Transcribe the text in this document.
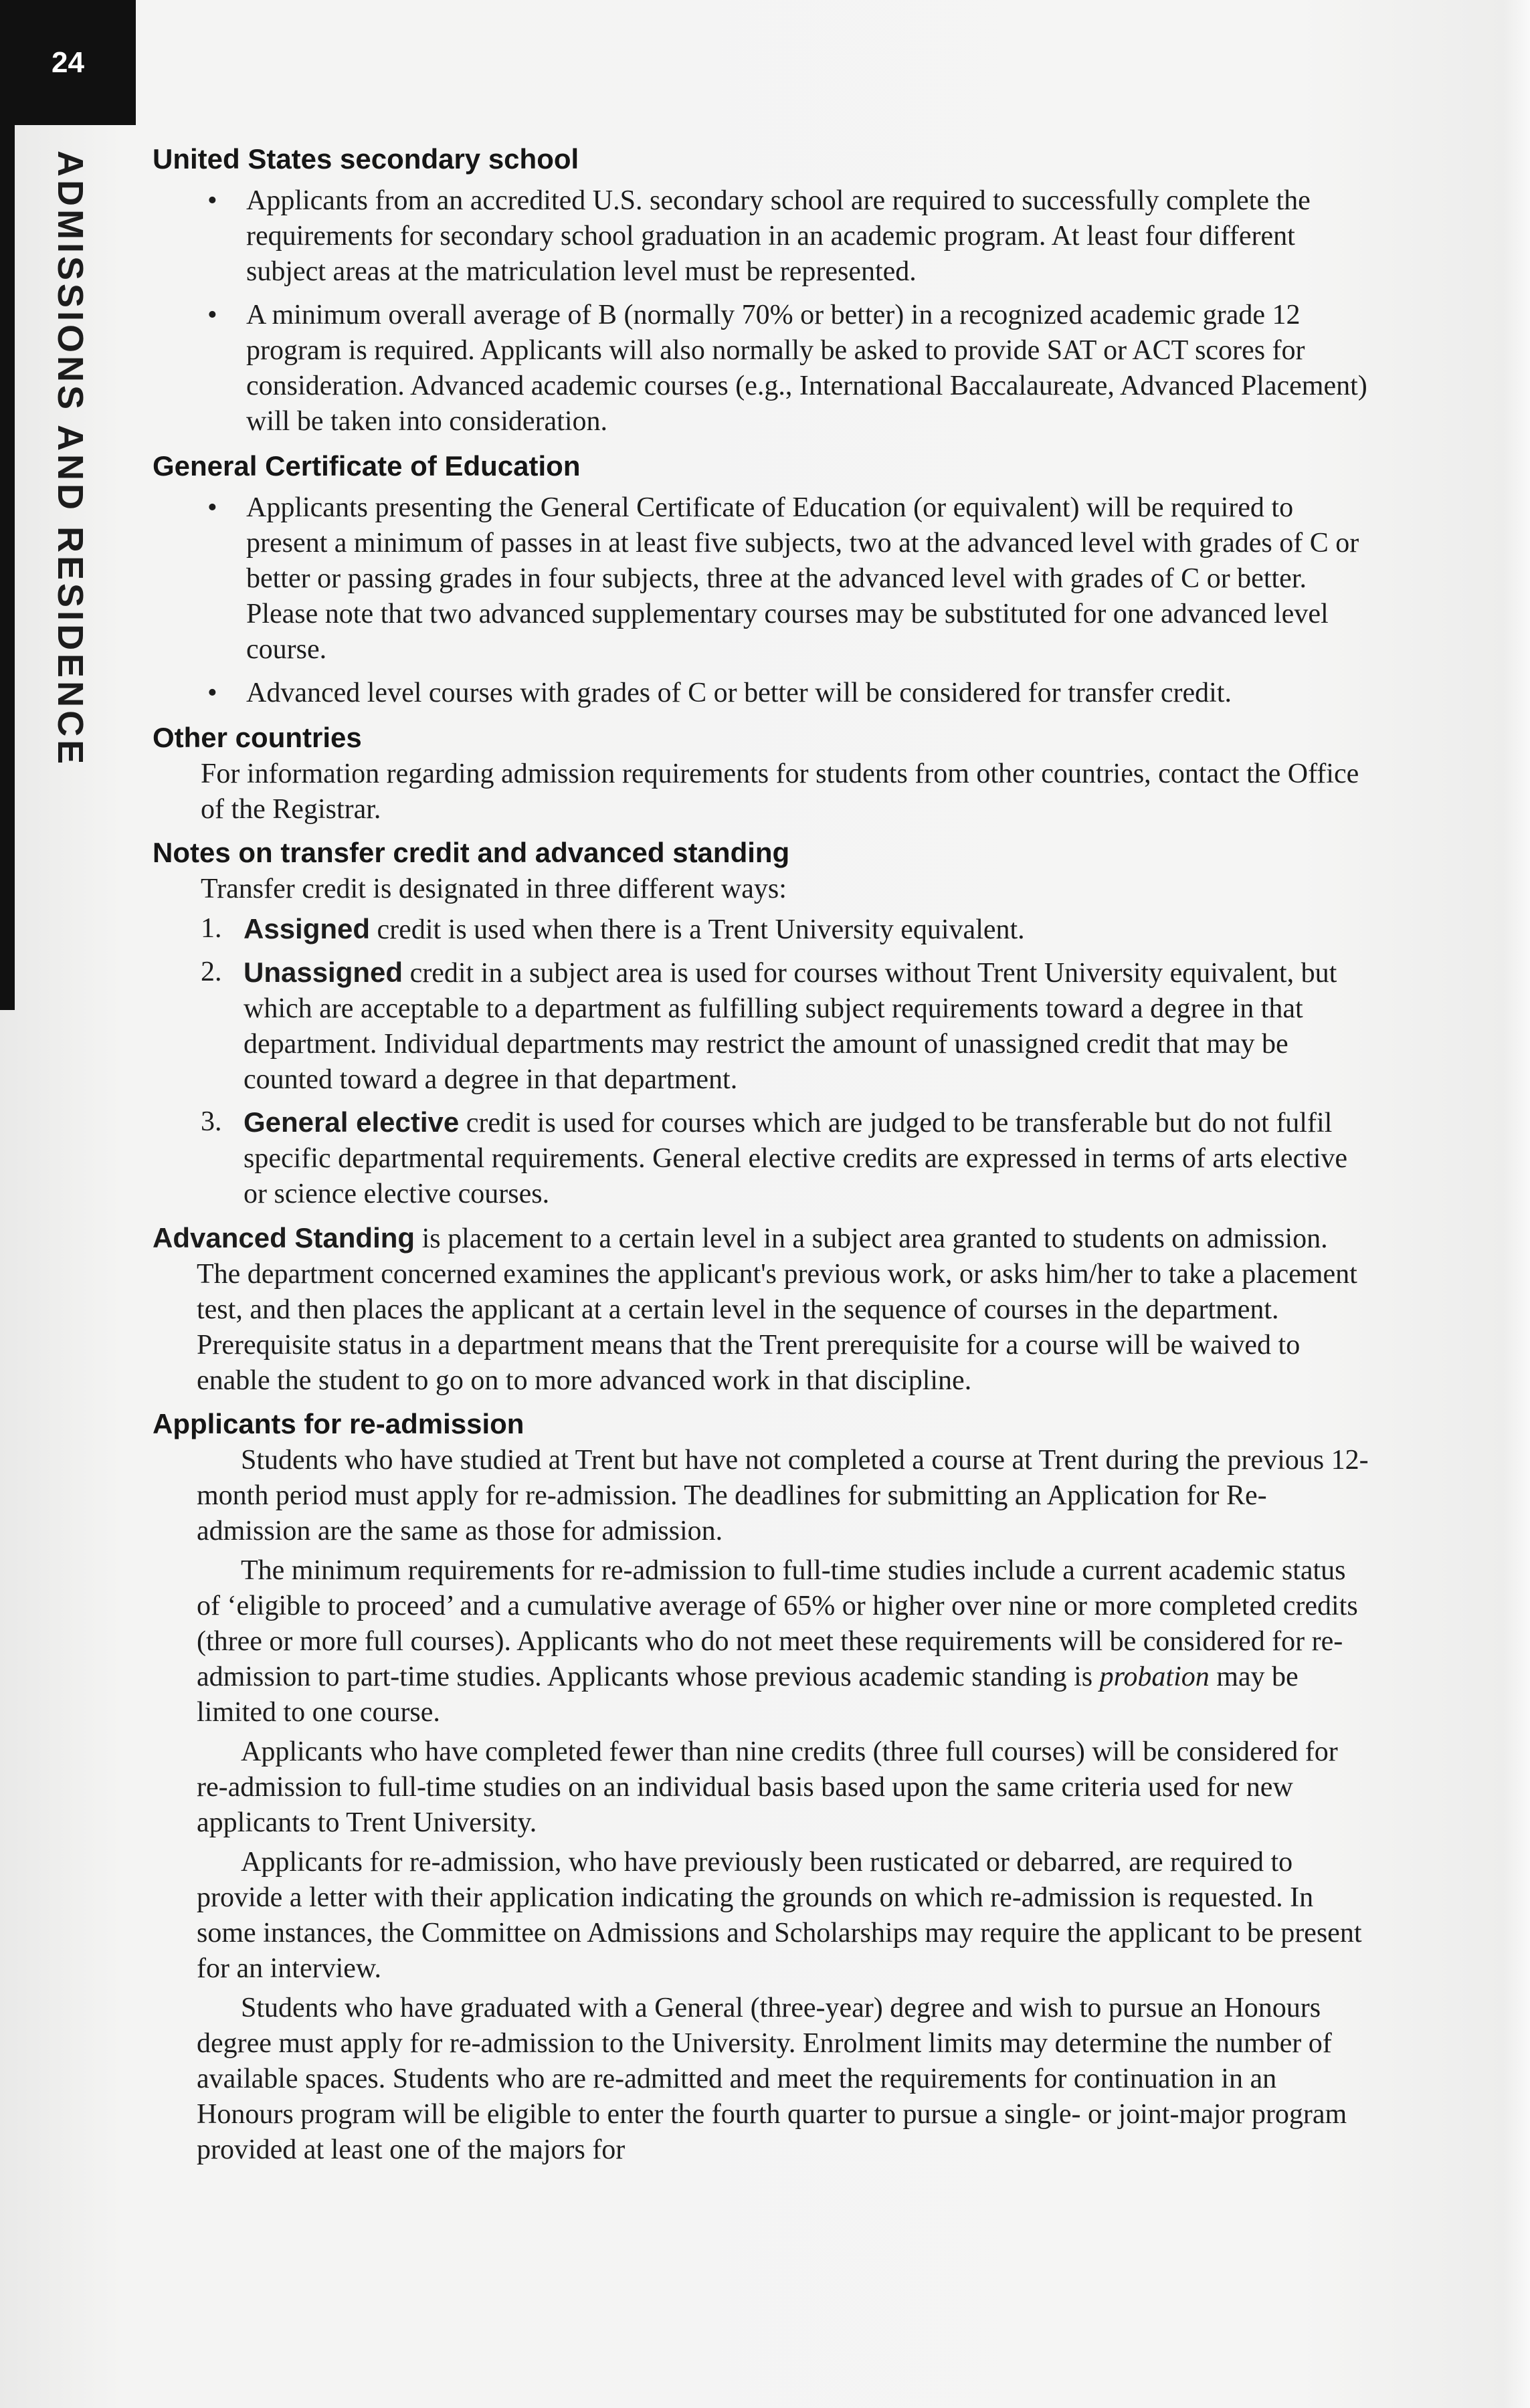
24
ADMISSIONS AND RESIDENCE	United States secondary school
• Applicants from an accredited U.S. secondary school are required to successfully complete the requirements for secondary school graduation in an academic program. At least four different subject areas at the matriculation level must be represented.
• A minimum overall average of B (normally 70% or better) in a recognized academic grade 12 program is required. Applicants will also normally be asked to provide SAT or ACT scores for consideration. Advanced academic courses (e.g., International Baccalaureate, Advanced Placement) will be taken into consideration.
General Certificate of Education
• Applicants presenting the General Certificate of Education (or equivalent) will be required to present a minimum of passes in at least five subjects, two at the advanced level with grades of C or better or passing grades in four subjects, three at the advanced level with grades of C or better. Please note that two advanced supplementary courses may be substituted for one advanced level course.
• Advanced level courses with grades of C or better will be considered for transfer credit.
Other countries

For information regarding admission requirements for students from other countries, contact the Office of the Registrar.

Notes on transfer credit and advanced standing

Transfer credit is designated in three different ways:

1. Assigned credit is used when there is a Trent University equivalent.
2. Unassigned credit in a subject area is used for courses without Trent University equivalent, but which are acceptable to a department as fulfilling subject requirements toward a degree in that department. Individual departments may restrict the amount of unassigned credit that may be counted toward a degree in that department.
3. General elective credit is used for courses which are judged to be transferable but do not fulfil specific departmental requirements. General elective credits are expressed in terms of arts elective or science elective courses.

Advanced Standing is placement to a certain level in a subject area granted to students on admission. The department concerned examines the applicant's previous work, or asks him/her to take a placement test, and then places the applicant at a certain level in the sequence of courses in the department. Prerequisite status in a department means that the Trent prerequisite for a course will be waived to enable the student to go on to more advanced work in that discipline.

Applicants for re-admission

Students who have studied at Trent but have not completed a course at Trent during the previous 12-month period must apply for re-admission. The deadlines for submitting an Application for Re-admission are the same as those for admission.

The minimum requirements for re-admission to full-time studies include a current academic status of ‘eligible to proceed’ and a cumulative average of 65% or higher over nine or more completed credits (three or more full courses). Applicants who do not meet these requirements will be considered for re-admission to part-time studies. Applicants whose previous academic standing is probation may be limited to one course.

Applicants who have completed fewer than nine credits (three full courses) will be considered for re-admission to full-time studies on an individual basis based upon the same criteria used for new applicants to Trent University.

Applicants for re-admission, who have previously been rusticated or debarred, are required to provide a letter with their application indicating the grounds on which re-admission is requested. In some instances, the Committee on Admissions and Scholarships may require the applicant to be present for an interview.

Students who have graduated with a General (three-year) degree and wish to pursue an Honours degree must apply for re-admission to the University. Enrolment limits may determine the number of available spaces. Students who are re-admitted and meet the requirements for continuation in an Honours program will be eligible to enter the fourth quarter to pursue a single- or joint-major program provided at least one of the majors for
